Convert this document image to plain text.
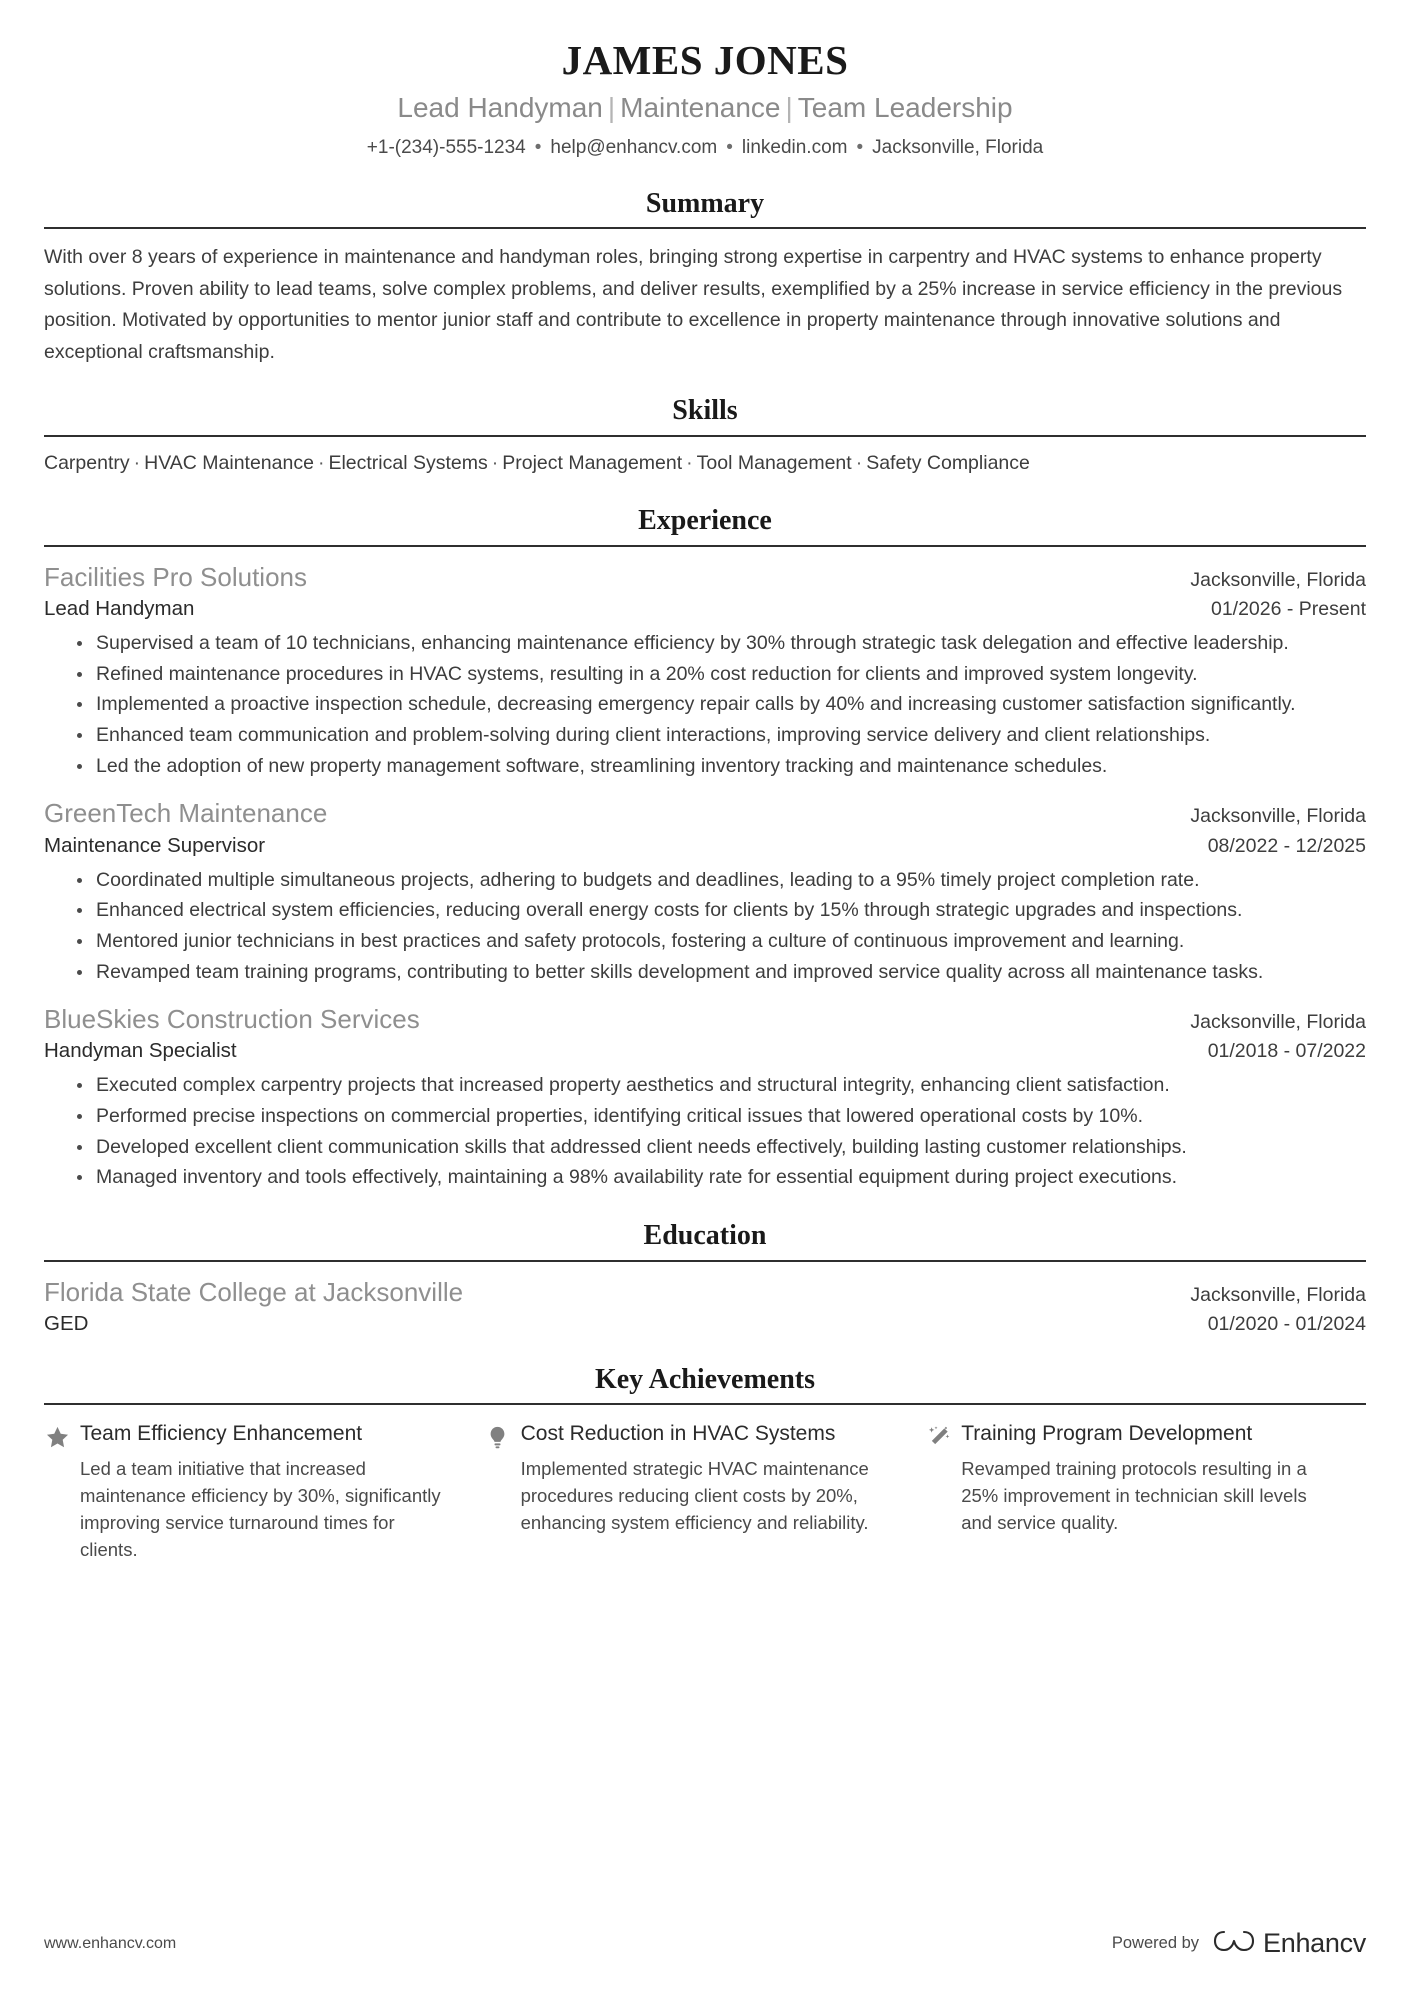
JAMES JONES
Lead Handyman | Maintenance | Team Leadership
+1-(234)-555-1234 • help@enhancv.com • linkedin.com • Jacksonville, Florida
Summary
With over 8 years of experience in maintenance and handyman roles, bringing strong expertise in carpentry and HVAC systems to enhance property solutions. Proven ability to lead teams, solve complex problems, and deliver results, exemplified by a 25% increase in service efficiency in the previous position. Motivated by opportunities to mentor junior staff and contribute to excellence in property maintenance through innovative solutions and exceptional craftsmanship.
Skills
Carpentry · HVAC Maintenance · Electrical Systems · Project Management · Tool Management · Safety Compliance
Experience
Facilities Pro Solutions	Jacksonville, Florida
Lead Handyman	01/2026 - Present
Supervised a team of 10 technicians, enhancing maintenance efficiency by 30% through strategic task delegation and effective leadership.
Refined maintenance procedures in HVAC systems, resulting in a 20% cost reduction for clients and improved system longevity.
Implemented a proactive inspection schedule, decreasing emergency repair calls by 40% and increasing customer satisfaction significantly.
Enhanced team communication and problem-solving during client interactions, improving service delivery and client relationships.
Led the adoption of new property management software, streamlining inventory tracking and maintenance schedules.
GreenTech Maintenance	Jacksonville, Florida
Maintenance Supervisor	08/2022 - 12/2025
Coordinated multiple simultaneous projects, adhering to budgets and deadlines, leading to a 95% timely project completion rate.
Enhanced electrical system efficiencies, reducing overall energy costs for clients by 15% through strategic upgrades and inspections.
Mentored junior technicians in best practices and safety protocols, fostering a culture of continuous improvement and learning.
Revamped team training programs, contributing to better skills development and improved service quality across all maintenance tasks.
BlueSkies Construction Services	Jacksonville, Florida
Handyman Specialist	01/2018 - 07/2022
Executed complex carpentry projects that increased property aesthetics and structural integrity, enhancing client satisfaction.
Performed precise inspections on commercial properties, identifying critical issues that lowered operational costs by 10%.
Developed excellent client communication skills that addressed client needs effectively, building lasting customer relationships.
Managed inventory and tools effectively, maintaining a 98% availability rate for essential equipment during project executions.
Education
Florida State College at Jacksonville	Jacksonville, Florida
GED	01/2020 - 01/2024
Key Achievements
Team Efficiency Enhancement
Led a team initiative that increased maintenance efficiency by 30%, significantly improving service turnaround times for clients.
Cost Reduction in HVAC Systems
Implemented strategic HVAC maintenance procedures reducing client costs by 20%, enhancing system efficiency and reliability.
Training Program Development
Revamped training protocols resulting in a 25% improvement in technician skill levels and service quality.
www.enhancv.com	Powered by Enhancv
